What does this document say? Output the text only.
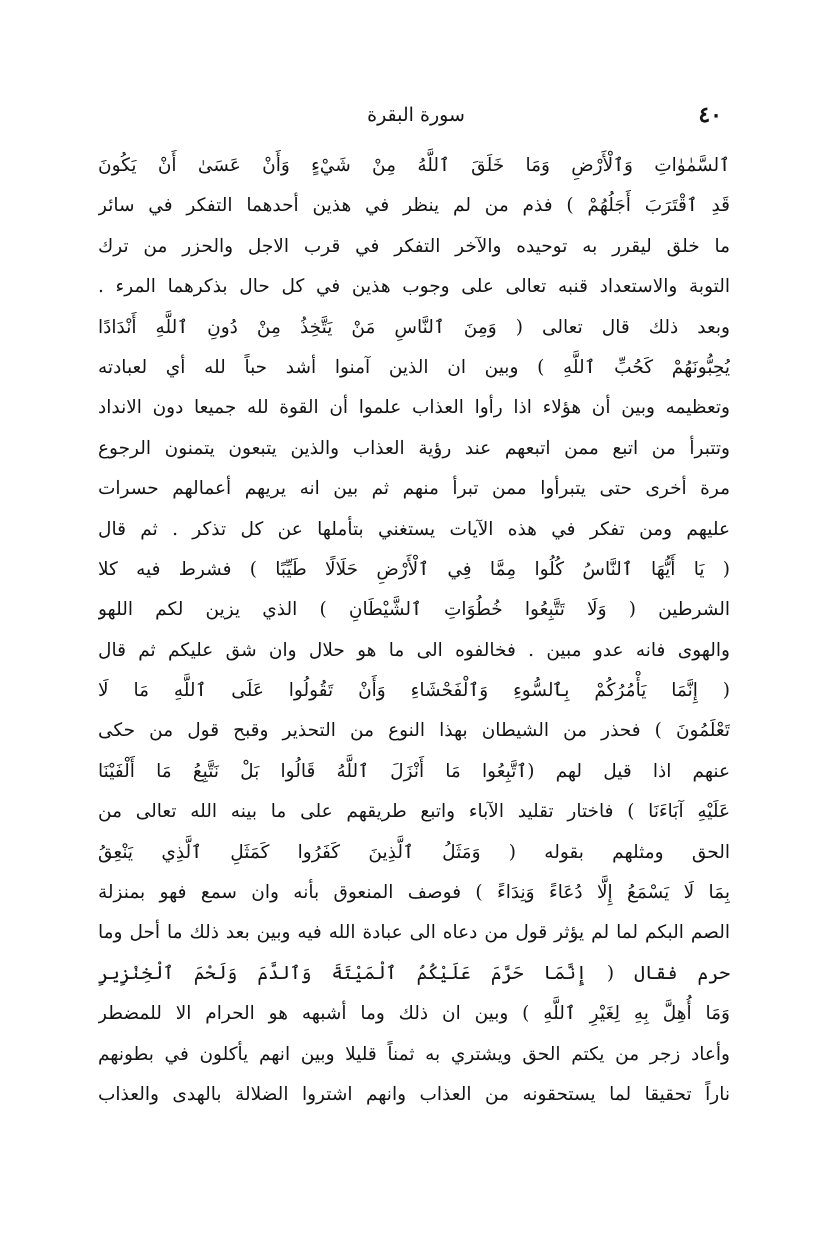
٤٠
سورة البقرة
ٱلسَّمٰوٰاتِ وَٱلْأَرْضِ وَمَا خَلَقَ ٱللَّهُ مِنْ شَيْءٍ وَأَنْ عَسَىٰ أَنْ يَكُونَ
قَدِ ٱقْتَرَبَ أَجَلُهُمْ ) فذم من لم ينظر في هذين أحدهما التفكر في سائر
ما خلق ليقرر به توحيده والآخر التفكر في قرب الاجل والحزر من ترك
التوبة والاستعداد قنبه تعالى على وجوب هذين في كل حال بذكرهما المرء .
وبعد ذلك قال تعالى ( وَمِنَ ٱلنَّاسِ مَنْ يَتَّخِذُ مِنْ دُونِ ٱللَّهِ أَنْدَادًا
يُحِبُّونَهُمْ كَحُبِّ ٱللَّهِ ) وبين ان الذين آمنوا أشد حباً لله أي لعبادته
وتعظيمه وبين أن هؤلاء اذا رأوا العذاب علموا أن القوة لله جميعا دون الانداد
وتتبرأ من اتبع ممن اتبعهم عند رؤية العذاب والذين يتبعون يتمنون الرجوع
مرة أخرى حتى يتبرأوا ممن تبرأ منهم ثم بين انه يريهم أعمالهم حسرات
عليهم ومن تفكر في هذه الآيات يستغني بتأملها عن كل تذكر . ثم قال
( يَا أَيُّهَا ٱلنَّاسُ كُلُوا مِمَّا فِي ٱلْأَرْضِ حَلَالًا طَيِّبًا ) فشرط فيه كلا
الشرطين ( وَلَا تَتَّبِعُوا خُطُوَاتِ ٱلشَّيْطَانِ ) الذي يزين لكم اللهو
والهوى فانه عدو مبين . فخالفوه الى ما هو حلال وان شق عليكم ثم قال
( إِنَّمَا يَأْمُرُكُمْ بِٱلسُّوءِ وَٱلْفَحْشَاءِ وَأَنْ تَقُولُوا عَلَى ٱللَّهِ مَا لَا
تَعْلَمُونَ ) فحذر من الشيطان بهذا النوع من التحذير وقبح قول من حكى
عنهم اذا قيل لهم (ٱتَّبِعُوا مَا أَنْزَلَ ٱللَّهُ قَالُوا بَلْ نَتَّبِعُ مَا أَلْفَيْنَا
عَلَيْهِ آبَاءَنَا ) فاختار تقليد الآباء واتبع طريقهم على ما بينه الله تعالى من
الحق ومثلهم بقوله ( وَمَثَلُ ٱلَّذِينَ كَفَرُوا كَمَثَلِ ٱلَّذِي يَنْعِقُ
بِمَا لَا يَسْمَعُ إِلَّا دُعَاءً وَنِدَاءً ) فوصف المنعوق بأنه وان سمع فهو بمنزلة
الصم البكم لما لم يؤثر قول من دعاه الى عبادة الله فيه وبين بعد ذلك ما أحل وما
حرم فقال ( إِنَّمَا حَرَّمَ عَلَيْكُمُ ٱلْمَيْتَةَ وَٱلدَّمَ وَلَحْمَ ٱلْخِنْزِيرِ
وَمَا أُهِلَّ بِهِ لِغَيْرِ ٱللَّهِ ) وبين ان ذلك وما أشبهه هو الحرام الا للمضطر
وأعاد زجر من يكتم الحق ويشتري به ثمناً قليلا وبين انهم يأكلون في بطونهم
ناراً تحقيقا لما يستحقونه من العذاب وانهم اشتروا الضلالة بالهدى والعذاب
